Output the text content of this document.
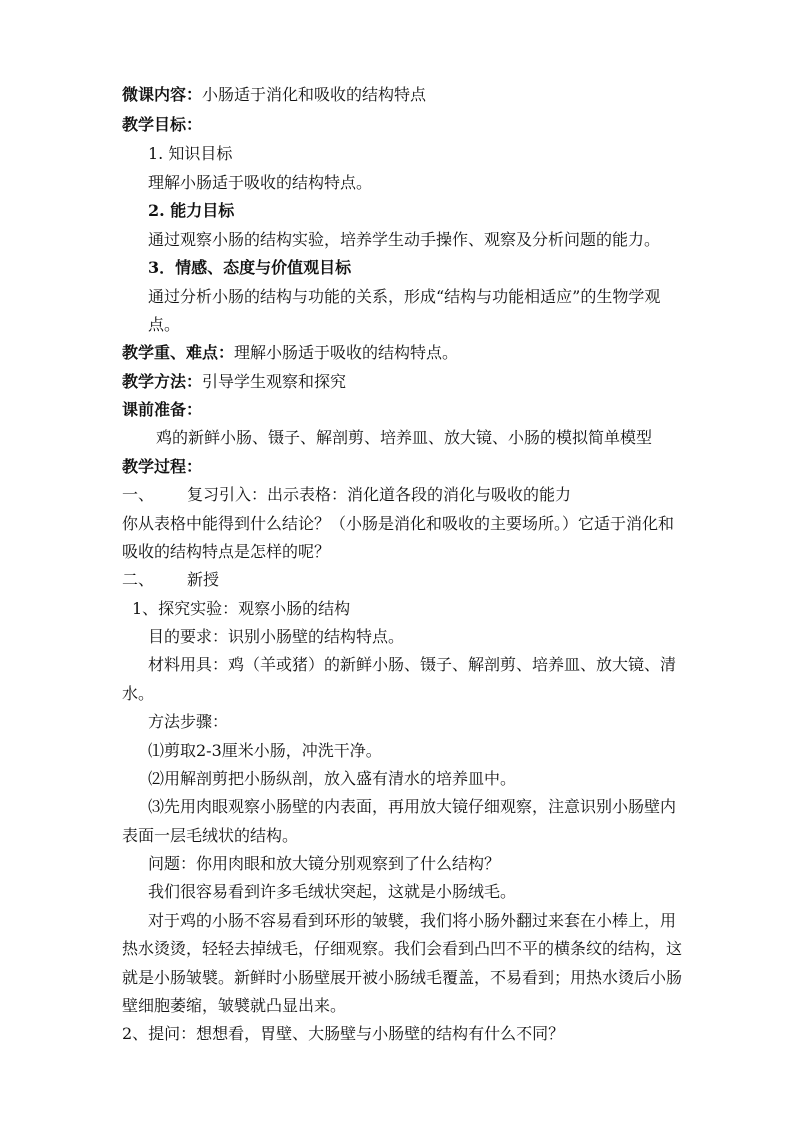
微课内容：小肠适于消化和吸收的结构特点
教学目标：
1. 知识目标
理解小肠适于吸收的结构特点。
2. 能力目标
通过观察小肠的结构实验，培养学生动手操作、观察及分析问题的能力。
3．情感、态度与价值观目标
通过分析小肠的结构与功能的关系，形成“结构与功能相适应”的生物学观
点。
教学重、难点：理解小肠适于吸收的结构特点。
教学方法：引导学生观察和探究
课前准备：
鸡的新鲜小肠、镊子、解剖剪、培养皿、放大镜、小肠的模拟简单模型
教学过程：
一、 复习引入：出示表格：消化道各段的消化与吸收的能力
你从表格中能得到什么结论？（小肠是消化和吸收的主要场所。）它适于消化和
吸收的结构特点是怎样的呢？
二、 新授
1、探究实验：观察小肠的结构
目的要求：识别小肠壁的结构特点。
材料用具：鸡（羊或猪）的新鲜小肠、镊子、解剖剪、培养皿、放大镜、清
水。
方法步骤：
⑴剪取2-3厘米小肠，冲洗干净。
⑵用解剖剪把小肠纵剖，放入盛有清水的培养皿中。
⑶先用肉眼观察小肠壁的内表面，再用放大镜仔细观察，注意识别小肠壁内
表面一层毛绒状的结构。
问题：你用肉眼和放大镜分别观察到了什么结构？
我们很容易看到许多毛绒状突起，这就是小肠绒毛。
对于鸡的小肠不容易看到环形的皱襞，我们将小肠外翻过来套在小棒上，用
热水烫烫，轻轻去掉绒毛，仔细观察。我们会看到凸凹不平的横条纹的结构，这
就是小肠皱襞。新鲜时小肠壁展开被小肠绒毛覆盖，不易看到；用热水烫后小肠
壁细胞萎缩，皱襞就凸显出来。
2、提问：想想看，胃壁、大肠壁与小肠壁的结构有什么不同？
